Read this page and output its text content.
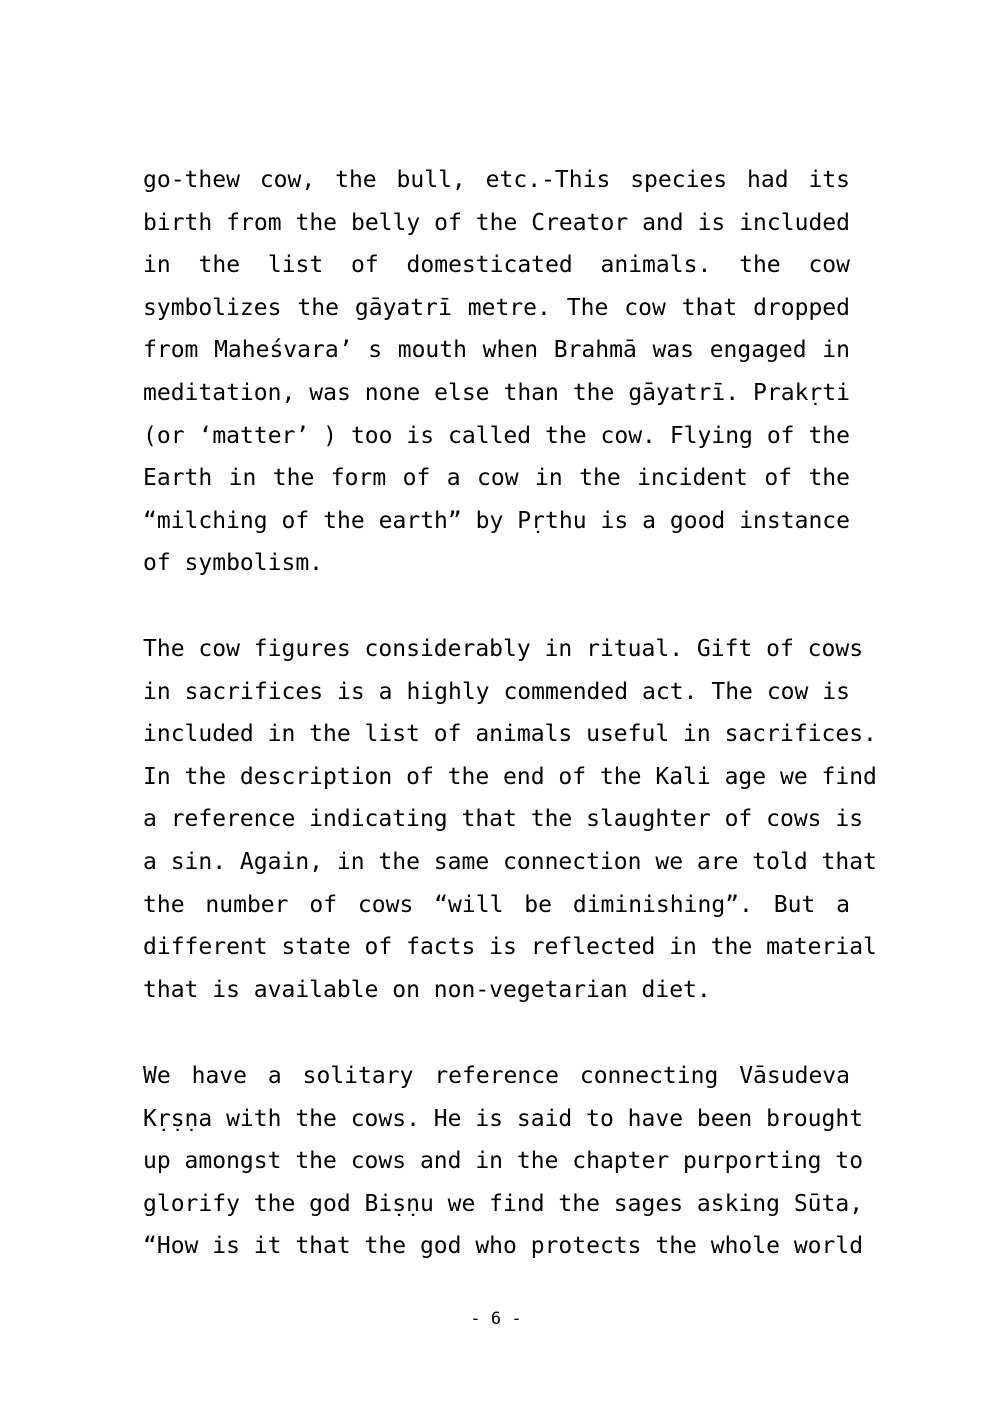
go-thew cow, the bull, etc.-This species had its
birth from the belly of the Creator and is included
in the list of domesticated animals. the cow
symbolizes the gāyatrī metre. The cow that dropped
from Maheśvara’ s mouth when Brahmā was engaged in
meditation, was none else than the gāyatrī. Prakṛti
(or ‘matter’ ) too is called the cow. Flying of the
Earth in the form of a cow in the incident of the
“milching of the earth” by Pṛthu is a good instance
of symbolism.
The cow figures considerably in ritual. Gift of cows
in sacrifices is a highly commended act. The cow is
included in the list of animals useful in sacrifices.
In the description of the end of the Kali age we find
a reference indicating that the slaughter of cows is
a sin. Again, in the same connection we are told that
the number of cows “will be diminishing”. But a
different state of facts is reflected in the material
that is available on non-vegetarian diet.
We have a solitary reference connecting Vāsudeva
Kṛṣṇa with the cows. He is said to have been brought
up amongst the cows and in the chapter purporting to
glorify the god Biṣṇu we find the sages asking Sūta,
“How is it that the god who protects the whole world
- 6 -
